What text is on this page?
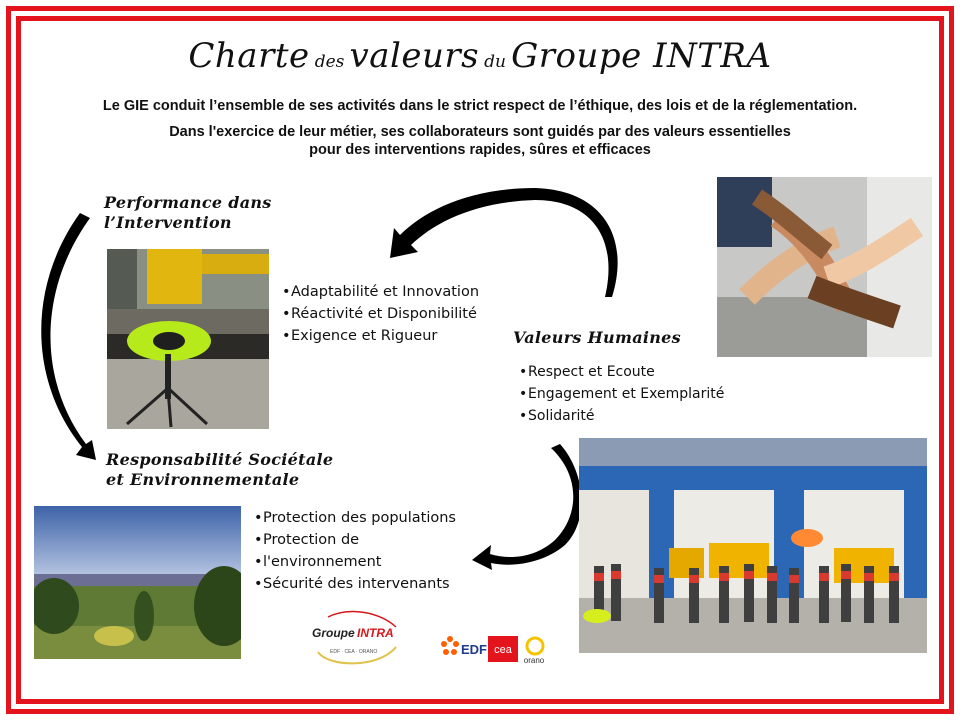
Charte des valeurs du Groupe INTRA
Le GIE conduit l’ensemble de ses activités dans le strict respect de l’éthique, des lois et de la réglementation.
Dans l'exercice de leur métier, ses collaborateurs sont guidés par des valeurs essentielles
pour des interventions rapides, sûres et efficaces
Performance dans
l’Intervention
• Adaptabilité et Innovation
• Réactivité et Disponibilité
• Exigence et Rigueur	Valeurs Humaines
• Respect et Ecoute
• Engagement et Exemplarité
• Solidarité
Responsabilité Sociétale
et Environnementale
• Protection des populations
• Protection de
• l'environnement
• Sécurité des intervenants
Groupe INTRA
EDF · CEA · ORANO	EDF cea
orano
